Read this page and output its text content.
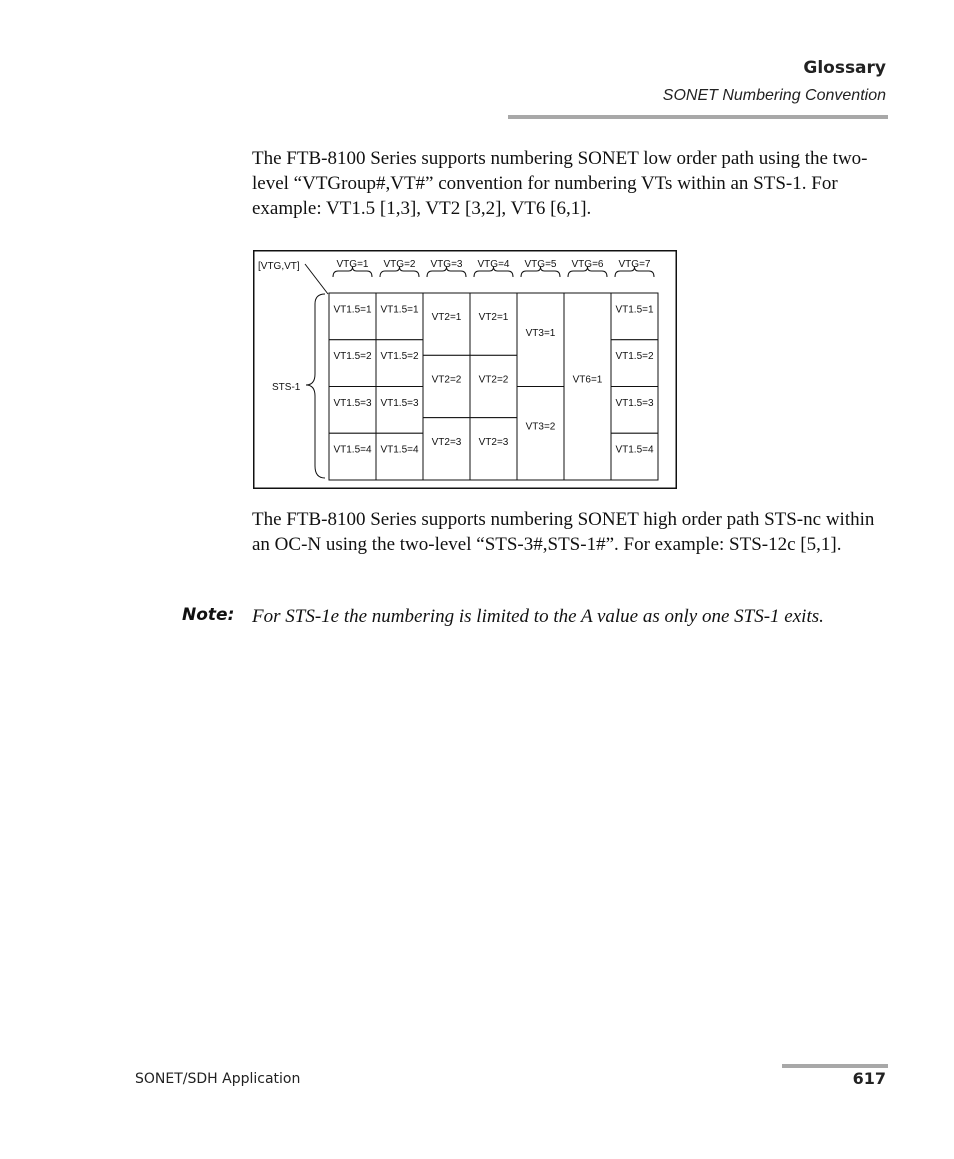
Glossary
SONET Numbering Convention

The FTB-8100 Series supports numbering SONET low order path using the two-level “VTGroup#,VT#” convention for numbering VTs within an STS-1. For example: VT1.5 [1,3], VT2 [3,2], VT6 [6,1].

[VTG,VT]
STS-1
VTG=1 VTG=2 VTG=3 VTG=4 VTG=5 VTG=6 VTG=7
VT1.5=1
VT1.5=2
VT1.5=3
VT1.5=4
VT1.5=1
VT1.5=2
VT1.5=3
VT1.5=4
VT2=1
VT2=2
VT2=3
VT2=1
VT2=2
VT2=3
VT3=1
VT3=2
VT6=1
VT1.5=1
VT1.5=2
VT1.5=3
VT1.5=4

The FTB-8100 Series supports numbering SONET high order path STS-nc within an OC-N using the two-level “STS-3#,STS-1#”. For example: STS-12c [5,1].

Note: For STS-1e the numbering is limited to the A value as only one STS-1 exits.

SONET/SDH Application	617
